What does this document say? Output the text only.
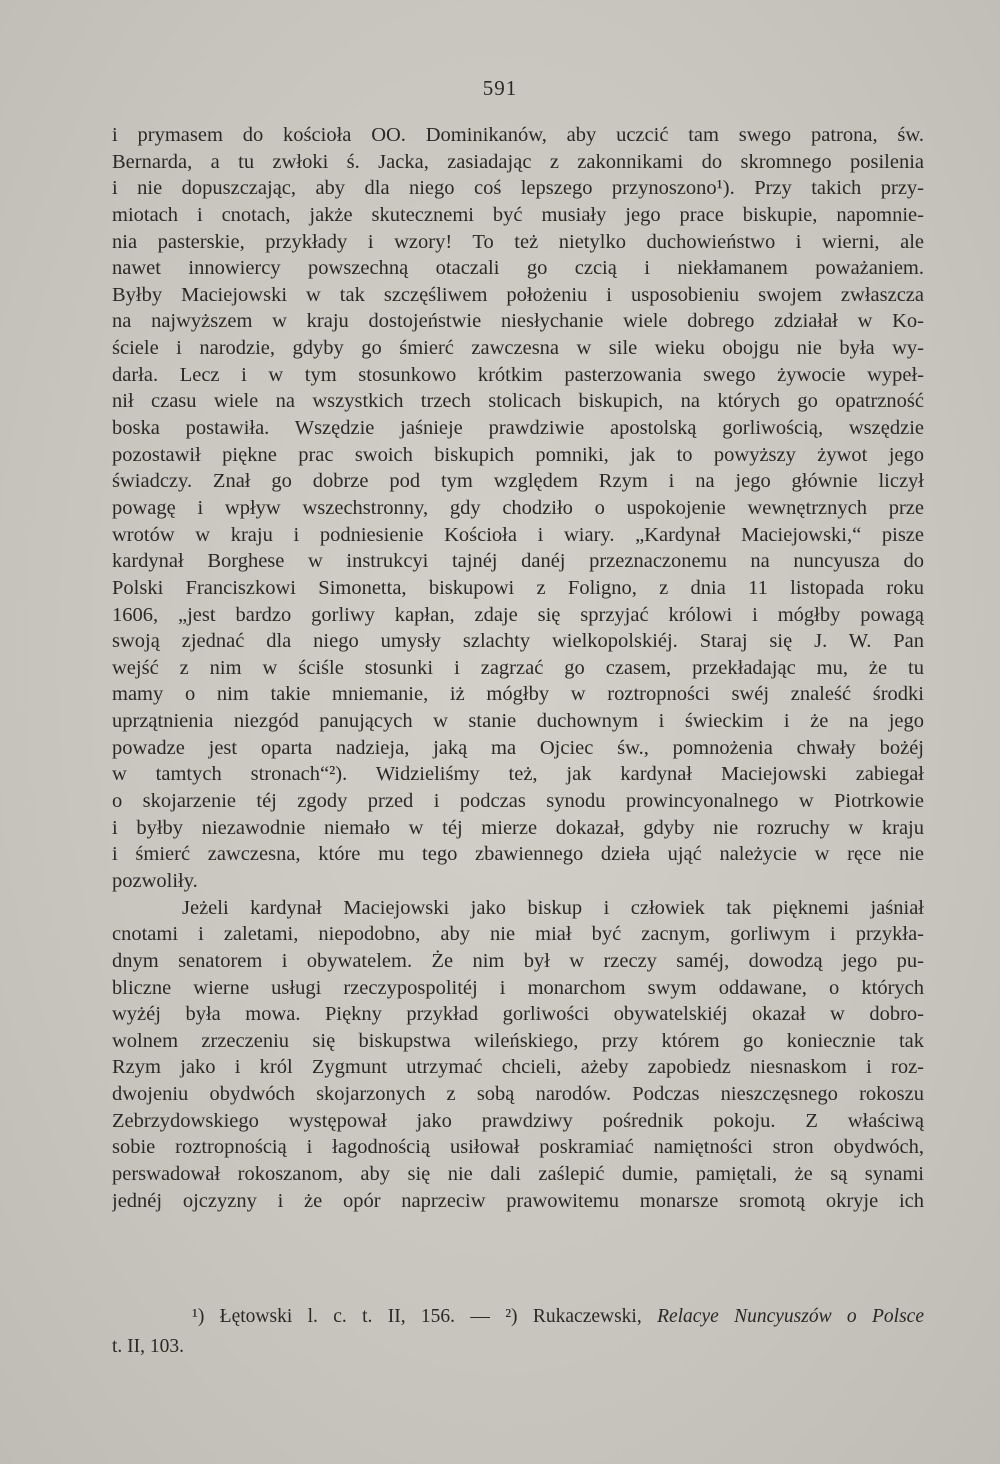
591
i prymasem do kościoła OO. Dominikanów, aby uczcić tam swego patrona, św.
Bernarda, a tu zwłoki ś. Jacka, zasiadając z zakonnikami do skromnego posilenia
i nie dopuszczając, aby dla niego coś lepszego przynoszono¹). Przy takich przy-
miotach i cnotach, jakże skutecznemi być musiały jego prace biskupie, napomnie-
nia pasterskie, przykłady i wzory! To też nietylko duchowieństwo i wierni, ale
nawet innowiercy powszechną otaczali go czcią i niekłamanem poważaniem.
Byłby Maciejowski w tak szczęśliwem położeniu i usposobieniu swojem zwłaszcza
na najwyższem w kraju dostojeństwie niesłychanie wiele dobrego zdziałał w Ko-
ściele i narodzie, gdyby go śmierć zawczesna w sile wieku obojgu nie była wy-
darła. Lecz i w tym stosunkowo krótkim pasterzowania swego żywocie wypeł-
nił czasu wiele na wszystkich trzech stolicach biskupich, na których go opatrzność
boska postawiła. Wszędzie jaśnieje prawdziwie apostolską gorliwością, wszędzie
pozostawił piękne prac swoich biskupich pomniki, jak to powyższy żywot jego
świadczy. Znał go dobrze pod tym względem Rzym i na jego głównie liczył
powagę i wpływ wszechstronny, gdy chodziło o uspokojenie wewnętrznych prze
wrotów w kraju i podniesienie Kościoła i wiary. „Kardynał Maciejowski,“ pisze
kardynał Borghese w instrukcyi tajnéj danéj przeznaczonemu na nuncyusza do
Polski Franciszkowi Simonetta, biskupowi z Foligno, z dnia 11 listopada roku
1606, „jest bardzo gorliwy kapłan, zdaje się sprzyjać królowi i mógłby powagą
swoją zjednać dla niego umysły szlachty wielkopolskiéj. Staraj się J. W. Pan
wejść z nim w ściśle stosunki i zagrzać go czasem, przekładając mu, że tu
mamy o nim takie mniemanie, iż mógłby w roztropności swéj znaleść środki
uprzątnienia niezgód panujących w stanie duchownym i świeckim i że na jego
powadze jest oparta nadzieja, jaką ma Ojciec św., pomnożenia chwały bożéj
w tamtych stronach“²). Widzieliśmy też, jak kardynał Maciejowski zabiegał
o skojarzenie téj zgody przed i podczas synodu prowincyonalnego w Piotrkowie
i byłby niezawodnie niemało w téj mierze dokazał, gdyby nie rozruchy w kraju
i śmierć zawczesna, które mu tego zbawiennego dzieła ująć należycie w ręce nie
pozwoliły.
Jeżeli kardynał Maciejowski jako biskup i człowiek tak pięknemi jaśniał
cnotami i zaletami, niepodobno, aby nie miał być zacnym, gorliwym i przykła-
dnym senatorem i obywatelem. Że nim był w rzeczy saméj, dowodzą jego pu-
bliczne wierne usługi rzeczypospolitéj i monarchom swym oddawane, o których
wyżéj była mowa. Piękny przykład gorliwości obywatelskiéj okazał w dobro-
wolnem zrzeczeniu się biskupstwa wileńskiego, przy którem go koniecznie tak
Rzym jako i król Zygmunt utrzymać chcieli, ażeby zapobiedz niesnaskom i roz-
dwojeniu obydwóch skojarzonych z sobą narodów. Podczas nieszczęsnego rokoszu
Zebrzydowskiego występował jako prawdziwy pośrednik pokoju. Z właściwą
sobie roztropnością i łagodnością usiłował poskramiać namiętności stron obydwóch,
perswadował rokoszanom, aby się nie dali zaślepić dumie, pamiętali, że są synami
jednéj ojczyzny i że opór naprzeciw prawowitemu monarsze sromotą okryje ich
¹) Łętowski l. c. t. II, 156. — ²) Rukaczewski, Relacye Nuncyuszów o Polsce
t. II, 103.
